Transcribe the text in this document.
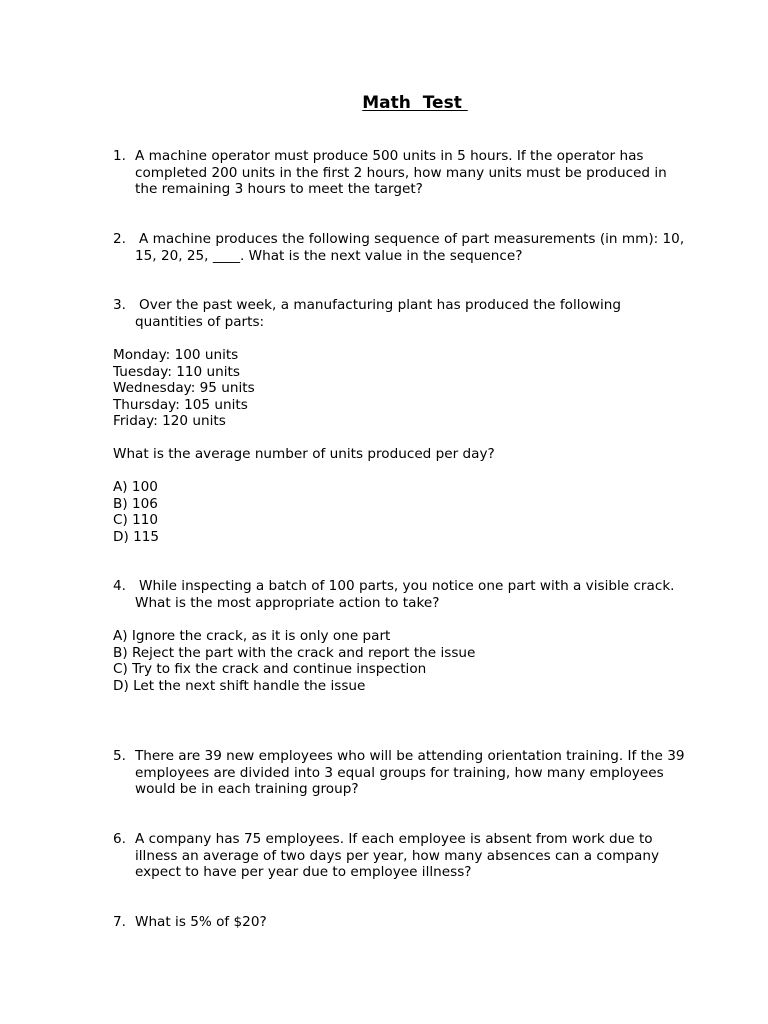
Math  Test
1. A machine operator must produce 500 units in 5 hours. If the operator has completed 200 units in the first 2 hours, how many units must be produced in the remaining 3 hours to meet the target?
2. A machine produces the following sequence of part measurements (in mm): 10, 15, 20, 25, ____. What is the next value in the sequence?
3. Over the past week, a manufacturing plant has produced the following quantities of parts:
Monday: 100 units
Tuesday: 110 units
Wednesday: 95 units
Thursday: 105 units
Friday: 120 units
What is the average number of units produced per day?
A) 100
B) 106
C) 110
D) 115
4. While inspecting a batch of 100 parts, you notice one part with a visible crack. What is the most appropriate action to take?
A) Ignore the crack, as it is only one part
B) Reject the part with the crack and report the issue
C) Try to fix the crack and continue inspection
D) Let the next shift handle the issue
5. There are 39 new employees who will be attending orientation training. If the 39 employees are divided into 3 equal groups for training, how many employees would be in each training group?
6. A company has 75 employees. If each employee is absent from work due to illness an average of two days per year, how many absences can a company expect to have per year due to employee illness?
7. What is 5% of $20?
